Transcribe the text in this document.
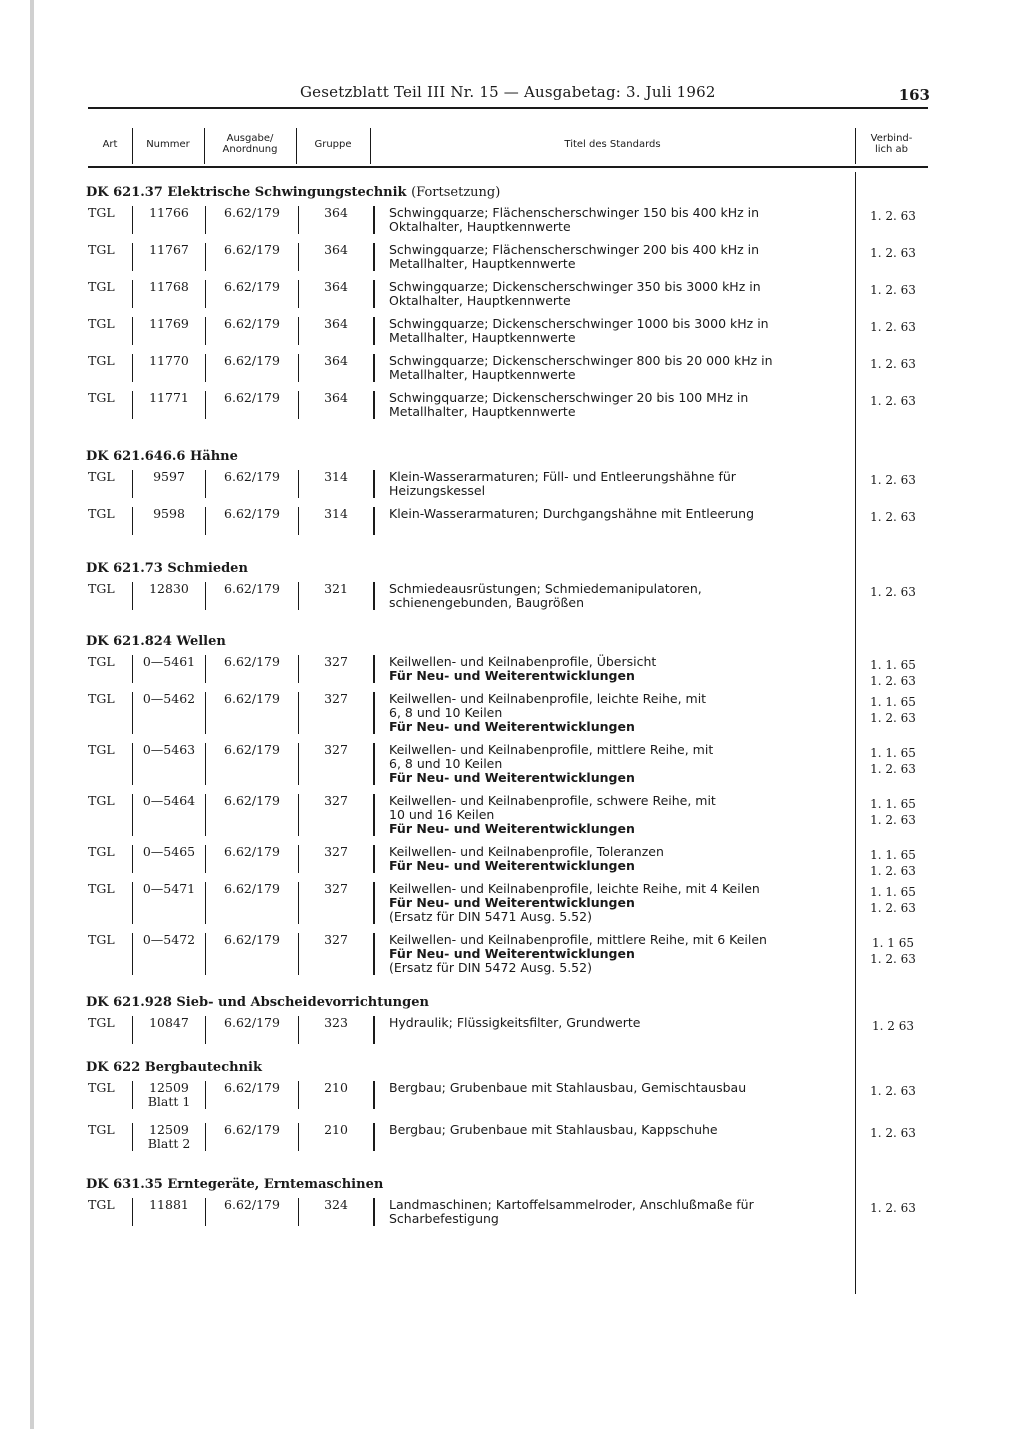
Gesetzblatt Teil III Nr. 15 — Ausgabetag: 3. Juli 1962	163
Art	Nummer
Ausgabe/
Anordnung	Gruppe	Titel des Standards
Verbind-
lich ab
DK 621.37 Elektrische Schwingungstechnik (Fortsetzung)
TGL	11766	6.62/179	364	Schwingquarze; Flächenscherschwinger 150 bis 400 kHz in
Oktalhalter, Hauptkennwerte
1. 2. 63
TGL	11767	6.62/179	364	Schwingquarze; Flächenscherschwinger 200 bis 400 kHz in
Metallhalter, Hauptkennwerte
1. 2. 63
TGL	11768	6.62/179	364	Schwingquarze; Dickenscherschwinger 350 bis 3000 kHz in
Oktalhalter, Hauptkennwerte
1. 2. 63
TGL	11769	6.62/179	364	Schwingquarze; Dickenscherschwinger 1000 bis 3000 kHz in
Metallhalter, Hauptkennwerte
1. 2. 63
TGL	11770	6.62/179	364	Schwingquarze; Dickenscherschwinger 800 bis 20 000 kHz in
Metallhalter, Hauptkennwerte
1. 2. 63
TGL	11771	6.62/179	364	Schwingquarze; Dickenscherschwinger 20 bis 100 MHz in
Metallhalter, Hauptkennwerte
1. 2. 63
DK 621.646.6 Hähne
TGL	9597	6.62/179	314	Klein-Wasserarmaturen; Füll- und Entleerungshähne für
Heizungskessel
1. 2. 63
TGL	9598	6.62/179	314	Klein-Wasserarmaturen; Durchgangshähne mit Entleerung	1. 2. 63
DK 621.73 Schmieden
TGL	12830	6.62/179	321	Schmiedeausrüstungen; Schmiedemanipulatoren,
schienengebunden, Baugrößen
1. 2. 63
DK 621.824 Wellen
TGL	0—5461	6.62/179	327	Keilwellen- und Keilnabenprofile, Übersicht
Für Neu- und Weiterentwicklungen
1. 1. 65
1. 2. 63
TGL	0—5462	6.62/179	327	Keilwellen- und Keilnabenprofile, leichte Reihe, mit
6, 8 und 10 Keilen
Für Neu- und Weiterentwicklungen
1. 1. 65
1. 2. 63
TGL	0—5463	6.62/179	327	Keilwellen- und Keilnabenprofile, mittlere Reihe, mit
6, 8 und 10 Keilen
Für Neu- und Weiterentwicklungen
1. 1. 65
1. 2. 63
TGL	0—5464	6.62/179	327	Keilwellen- und Keilnabenprofile, schwere Reihe, mit
10 und 16 Keilen
Für Neu- und Weiterentwicklungen
1. 1. 65
1. 2. 63
TGL	0—5465	6.62/179	327	Keilwellen- und Keilnabenprofile, Toleranzen
Für Neu- und Weiterentwicklungen
1. 1. 65
1. 2. 63
TGL	0—5471	6.62/179	327	Keilwellen- und Keilnabenprofile, leichte Reihe, mit 4 Keilen
Für Neu- und Weiterentwicklungen
(Ersatz für DIN 5471 Ausg. 5.52)
1. 1. 65
1. 2. 63
TGL	0—5472	6.62/179	327	Keilwellen- und Keilnabenprofile, mittlere Reihe, mit 6 Keilen
Für Neu- und Weiterentwicklungen
(Ersatz für DIN 5472 Ausg. 5.52)
1. 1 65
1. 2. 63
DK 621.928 Sieb- und Abscheidevorrichtungen
TGL	10847	6.62/179	323	Hydraulik; Flüssigkeitsfilter, Grundwerte	1. 2 63
DK 622 Bergbautechnik
TGL	12509
Blatt 1
6.62/179	210	Bergbau; Grubenbaue mit Stahlausbau, Gemischtausbau	1. 2. 63
TGL	12509
Blatt 2
6.62/179	210	Bergbau; Grubenbaue mit Stahlausbau, Kappschuhe	1. 2. 63
DK 631.35 Erntegeräte, Erntemaschinen
TGL	11881	6.62/179	324	Landmaschinen; Kartoffelsammelroder, Anschlußmaße für
Scharbefestigung
1. 2. 63
